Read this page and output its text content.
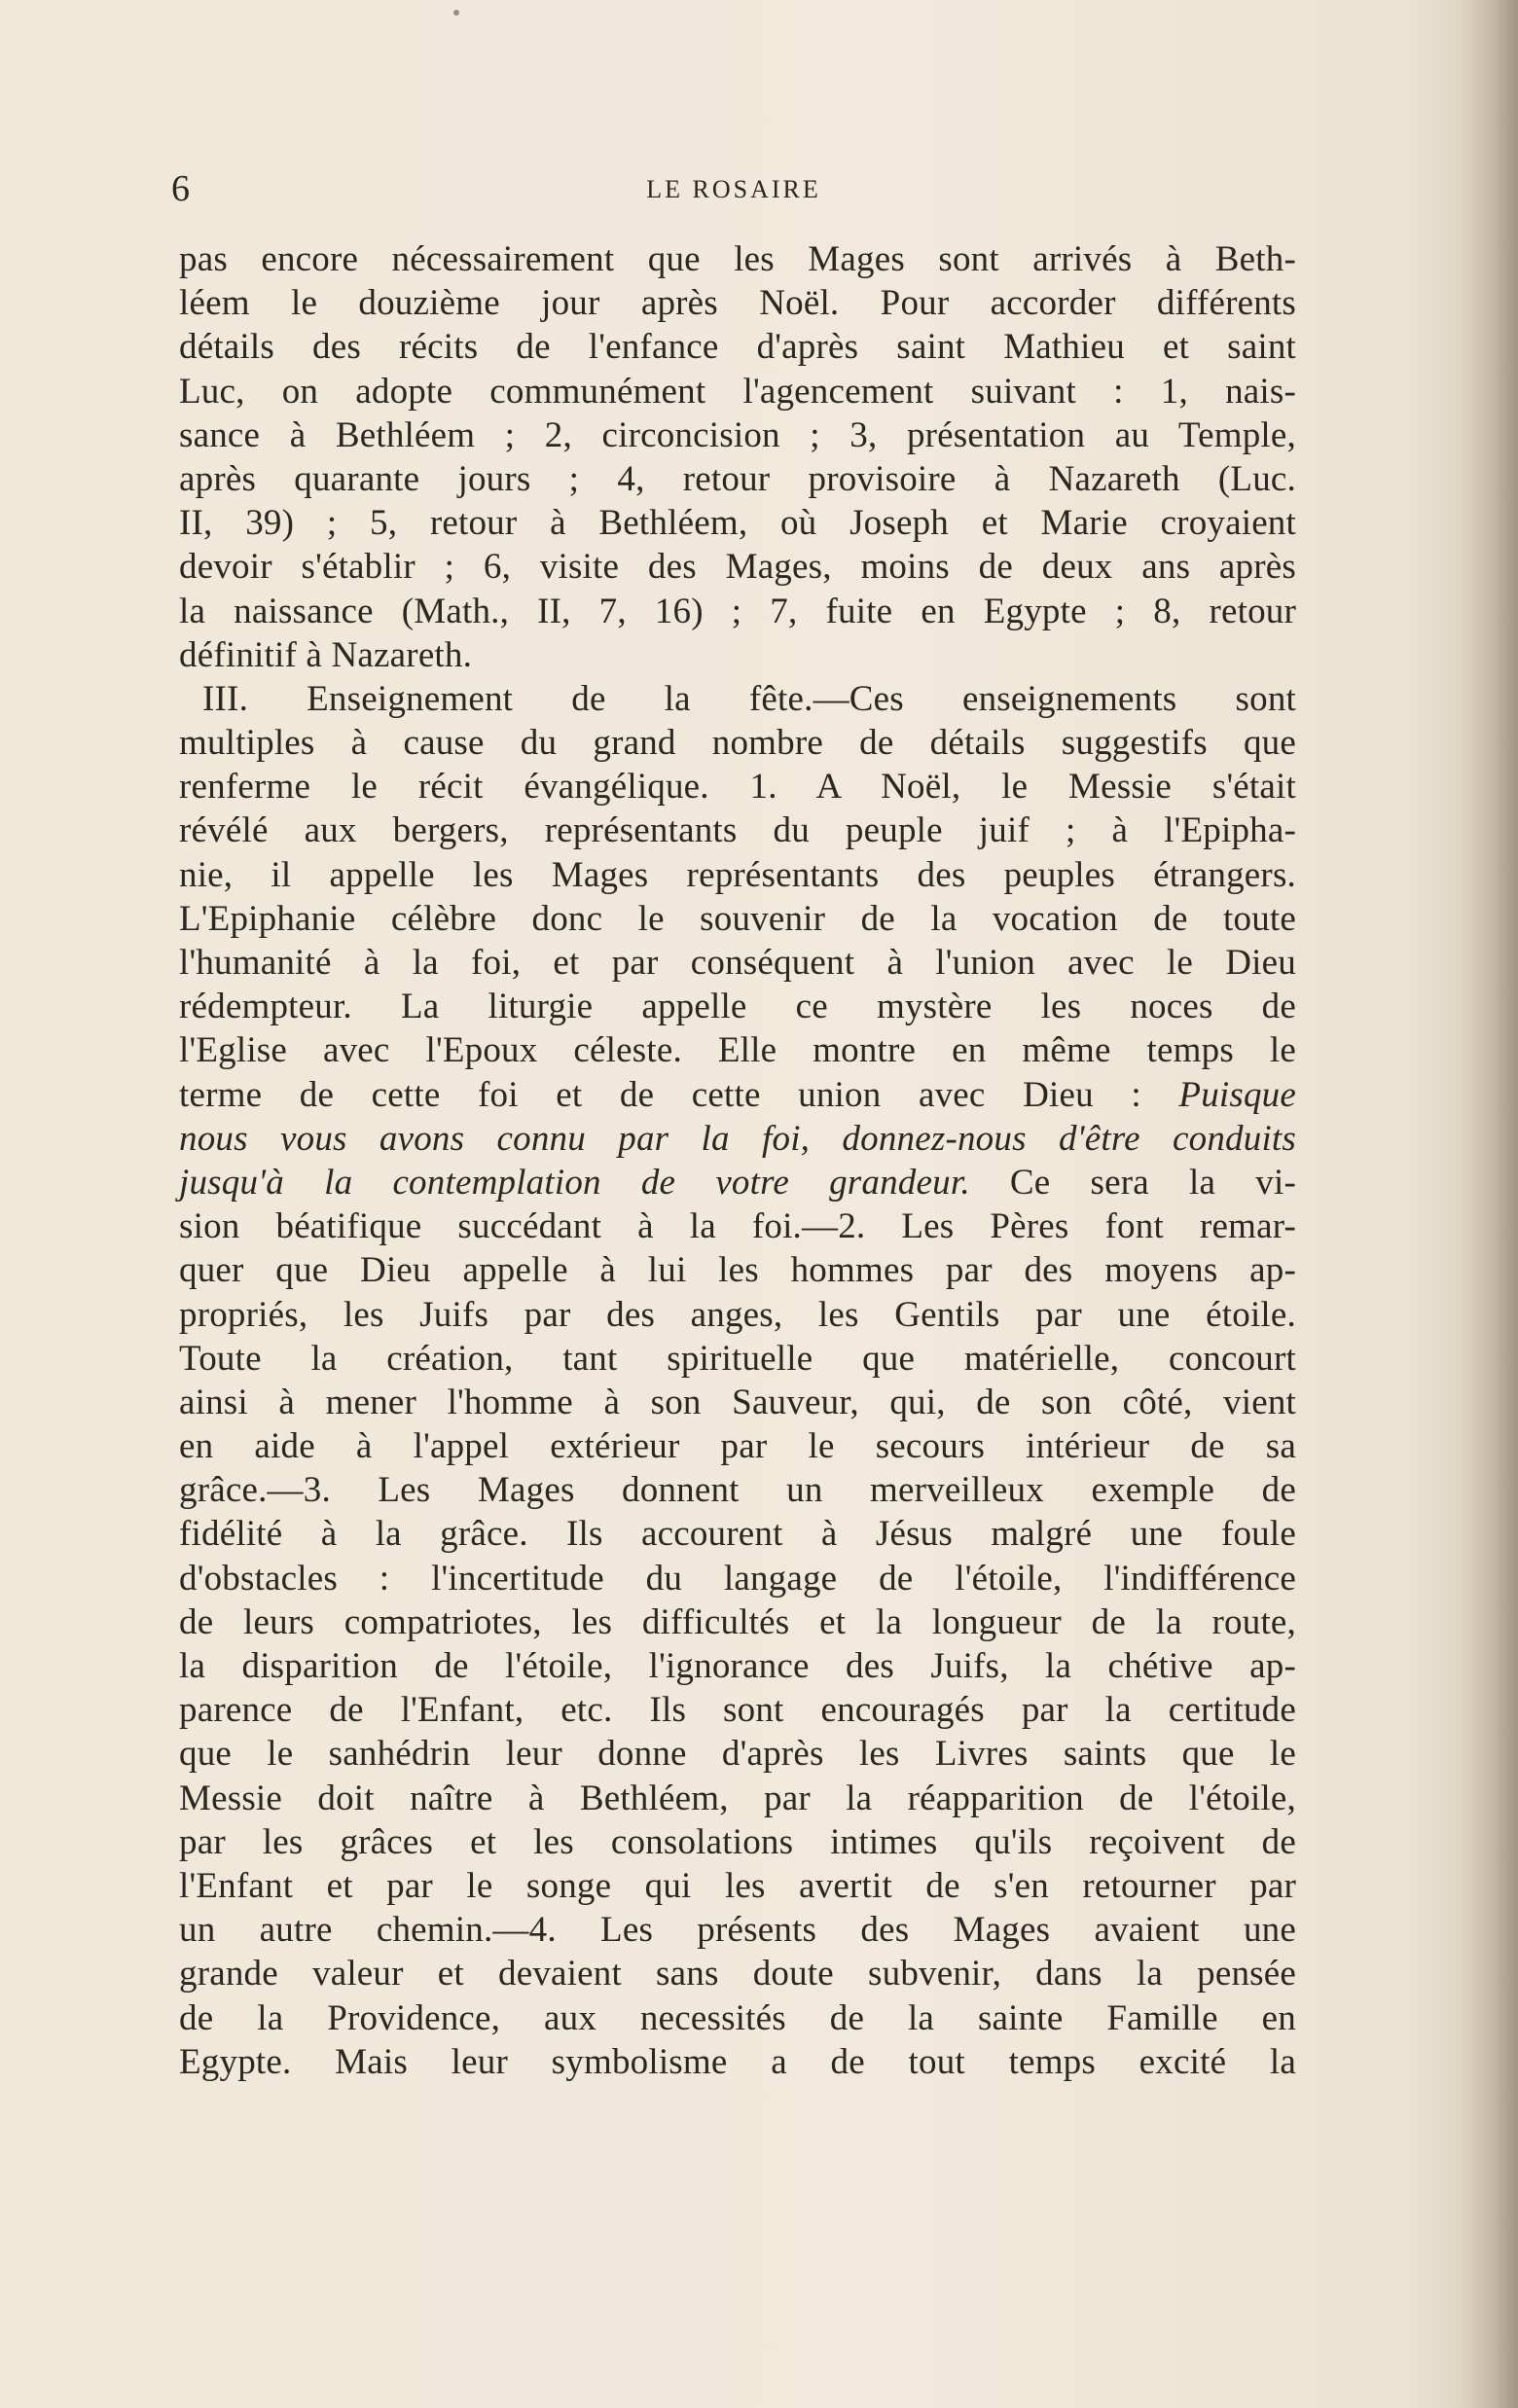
6	LE ROSAIRE
pas encore nécessairement que les Mages sont arrivés à Beth-
léem le douzième jour après Noël. Pour accorder différents
détails des récits de l'enfance d'après saint Mathieu et saint
Luc, on adopte communément l'agencement suivant : 1, nais-
sance à Bethléem ; 2, circoncision ; 3, présentation au Temple,
après quarante jours ; 4, retour provisoire à Nazareth (Luc.
II, 39) ; 5, retour à Bethléem, où Joseph et Marie croyaient
devoir s'établir ; 6, visite des Mages, moins de deux ans après
la naissance (Math., II, 7, 16) ; 7, fuite en Egypte ; 8, retour
définitif à Nazareth.
III. Enseignement de la fête.—Ces enseignements sont
multiples à cause du grand nombre de détails suggestifs que
renferme le récit évangélique. 1. A Noël, le Messie s'était
révélé aux bergers, représentants du peuple juif ; à l'Epipha-
nie, il appelle les Mages représentants des peuples étrangers.
L'Epiphanie célèbre donc le souvenir de la vocation de toute
l'humanité à la foi, et par conséquent à l'union avec le Dieu
rédempteur. La liturgie appelle ce mystère les noces de
l'Eglise avec l'Epoux céleste. Elle montre en même temps le
terme de cette foi et de cette union avec Dieu : Puisque
nous vous avons connu par la foi, donnez-nous d'être conduits
jusqu'à la contemplation de votre grandeur. Ce sera la vi-
sion béatifique succédant à la foi.—2. Les Pères font remar-
quer que Dieu appelle à lui les hommes par des moyens ap-
propriés, les Juifs par des anges, les Gentils par une étoile.
Toute la création, tant spirituelle que matérielle, concourt
ainsi à mener l'homme à son Sauveur, qui, de son côté, vient
en aide à l'appel extérieur par le secours intérieur de sa
grâce.—3. Les Mages donnent un merveilleux exemple de
fidélité à la grâce. Ils accourent à Jésus malgré une foule
d'obstacles : l'incertitude du langage de l'étoile, l'indifférence
de leurs compatriotes, les difficultés et la longueur de la route,
la disparition de l'étoile, l'ignorance des Juifs, la chétive ap-
parence de l'Enfant, etc. Ils sont encouragés par la certitude
que le sanhédrin leur donne d'après les Livres saints que le
Messie doit naître à Bethléem, par la réapparition de l'étoile,
par les grâces et les consolations intimes qu'ils reçoivent de
l'Enfant et par le songe qui les avertit de s'en retourner par
un autre chemin.—4. Les présents des Mages avaient une
grande valeur et devaient sans doute subvenir, dans la pensée
de la Providence, aux necessités de la sainte Famille en
Egypte. Mais leur symbolisme a de tout temps excité la
